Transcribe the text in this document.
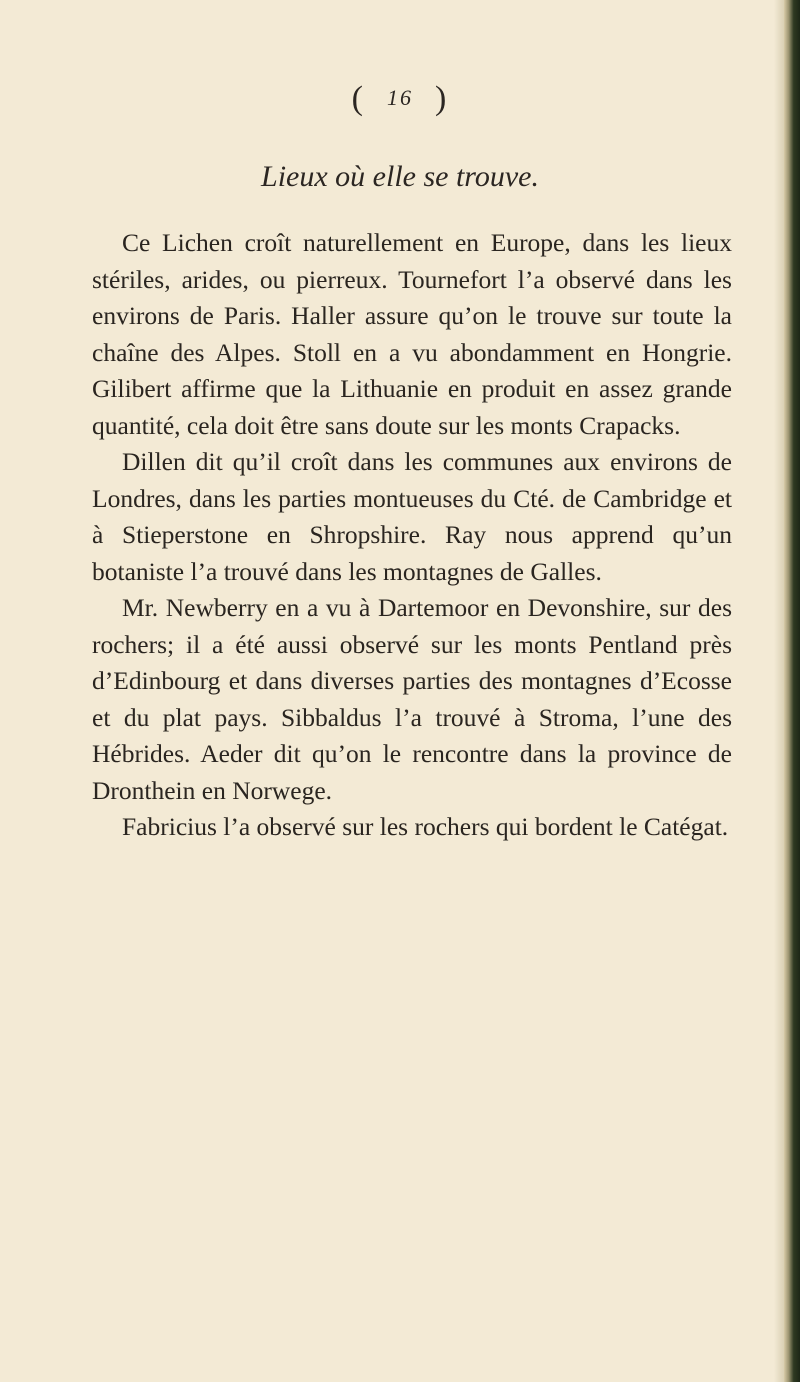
( 16 )
Lieux où elle se trouve.

Ce Lichen croît naturellement en Europe, dans les lieux stériles, arides, ou pierreux. Tournefort l’a observé dans les environs de Paris. Haller assure qu’on le trouve sur toute la chaîne des Alpes. Stoll en a vu abondamment en Hongrie. Gilibert affirme que la Lithuanie en produit en assez grande quantité, cela doit être sans doute sur les monts Crapacks.

Dillen dit qu’il croît dans les communes aux environs de Londres, dans les parties montueuses du Cté. de Cambridge et à Stieperstone en Shropshire. Ray nous apprend qu’un botaniste l’a trouvé dans les montagnes de Galles.

Mr. Newberry en a vu à Dartemoor en Devonshire, sur des rochers; il a été aussi observé sur les monts Pentland près d’Edinbourg et dans diverses parties des montagnes d’Ecosse et du plat pays. Sibbaldus l’a trouvé à Stroma, l’une des Hébrides. Aeder dit qu’on le rencontre dans la province de Dronthein en Norwege.

Fabricius l’a observé sur les rochers qui bordent le Catégat.
